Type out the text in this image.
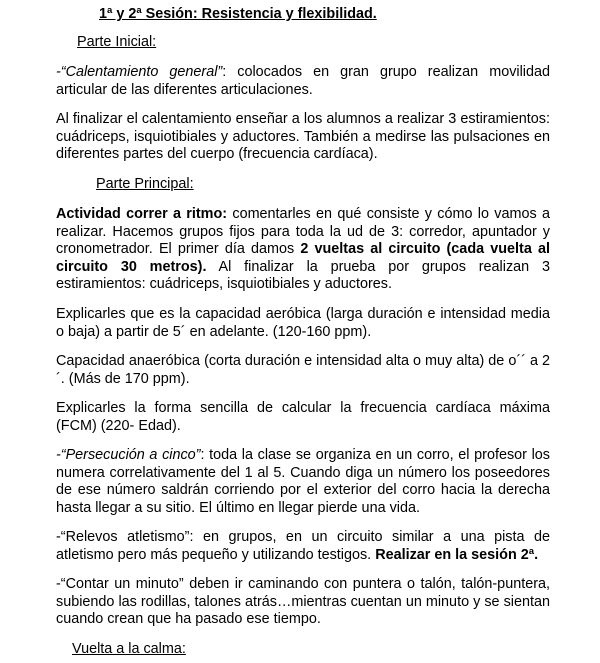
1ª y 2ª Sesión: Resistencia y flexibilidad.
Parte Inicial:
-“Calentamiento general”: colocados en gran grupo realizan movilidad articular de las diferentes articulaciones.
Al finalizar el calentamiento enseñar a los alumnos a realizar 3 estiramientos: cuádriceps, isquiotibiales y aductores. También a medirse las pulsaciones en diferentes partes del cuerpo (frecuencia cardíaca).
Parte Principal:
Actividad correr a ritmo: comentarles en qué consiste y cómo lo vamos a realizar. Hacemos grupos fijos para toda la ud de 3: corredor, apuntador y cronometrador. El primer día damos 2 vueltas al circuito (cada vuelta al circuito 30 metros). Al finalizar la prueba por grupos realizan 3 estiramientos: cuádriceps, isquiotibiales y aductores.
Explicarles que es la capacidad aeróbica (larga duración e intensidad media o baja) a partir de 5´ en adelante. (120-160 ppm).
Capacidad anaeróbica (corta duración e intensidad alta o muy alta) de o´´ a 2 ´. (Más de 170 ppm).
Explicarles la forma sencilla de calcular la frecuencia cardíaca máxima (FCM) (220- Edad).
-“Persecución a cinco”: toda la clase se organiza en un corro, el profesor los numera correlativamente del 1 al 5. Cuando diga un número los poseedores de ese número saldrán corriendo por el exterior del corro hacia la derecha hasta llegar a su sitio. El último en llegar pierde una vida.
-“Relevos atletismo”: en grupos, en un circuito similar a una pista de atletismo pero más pequeño y utilizando testigos. Realizar en la sesión 2ª.
-“Contar un minuto” deben ir caminando con puntera o talón, talón-puntera, subiendo las rodillas, talones atrás…mientras cuentan un minuto y se sientan cuando crean que ha pasado ese tiempo.
Vuelta a la calma:
